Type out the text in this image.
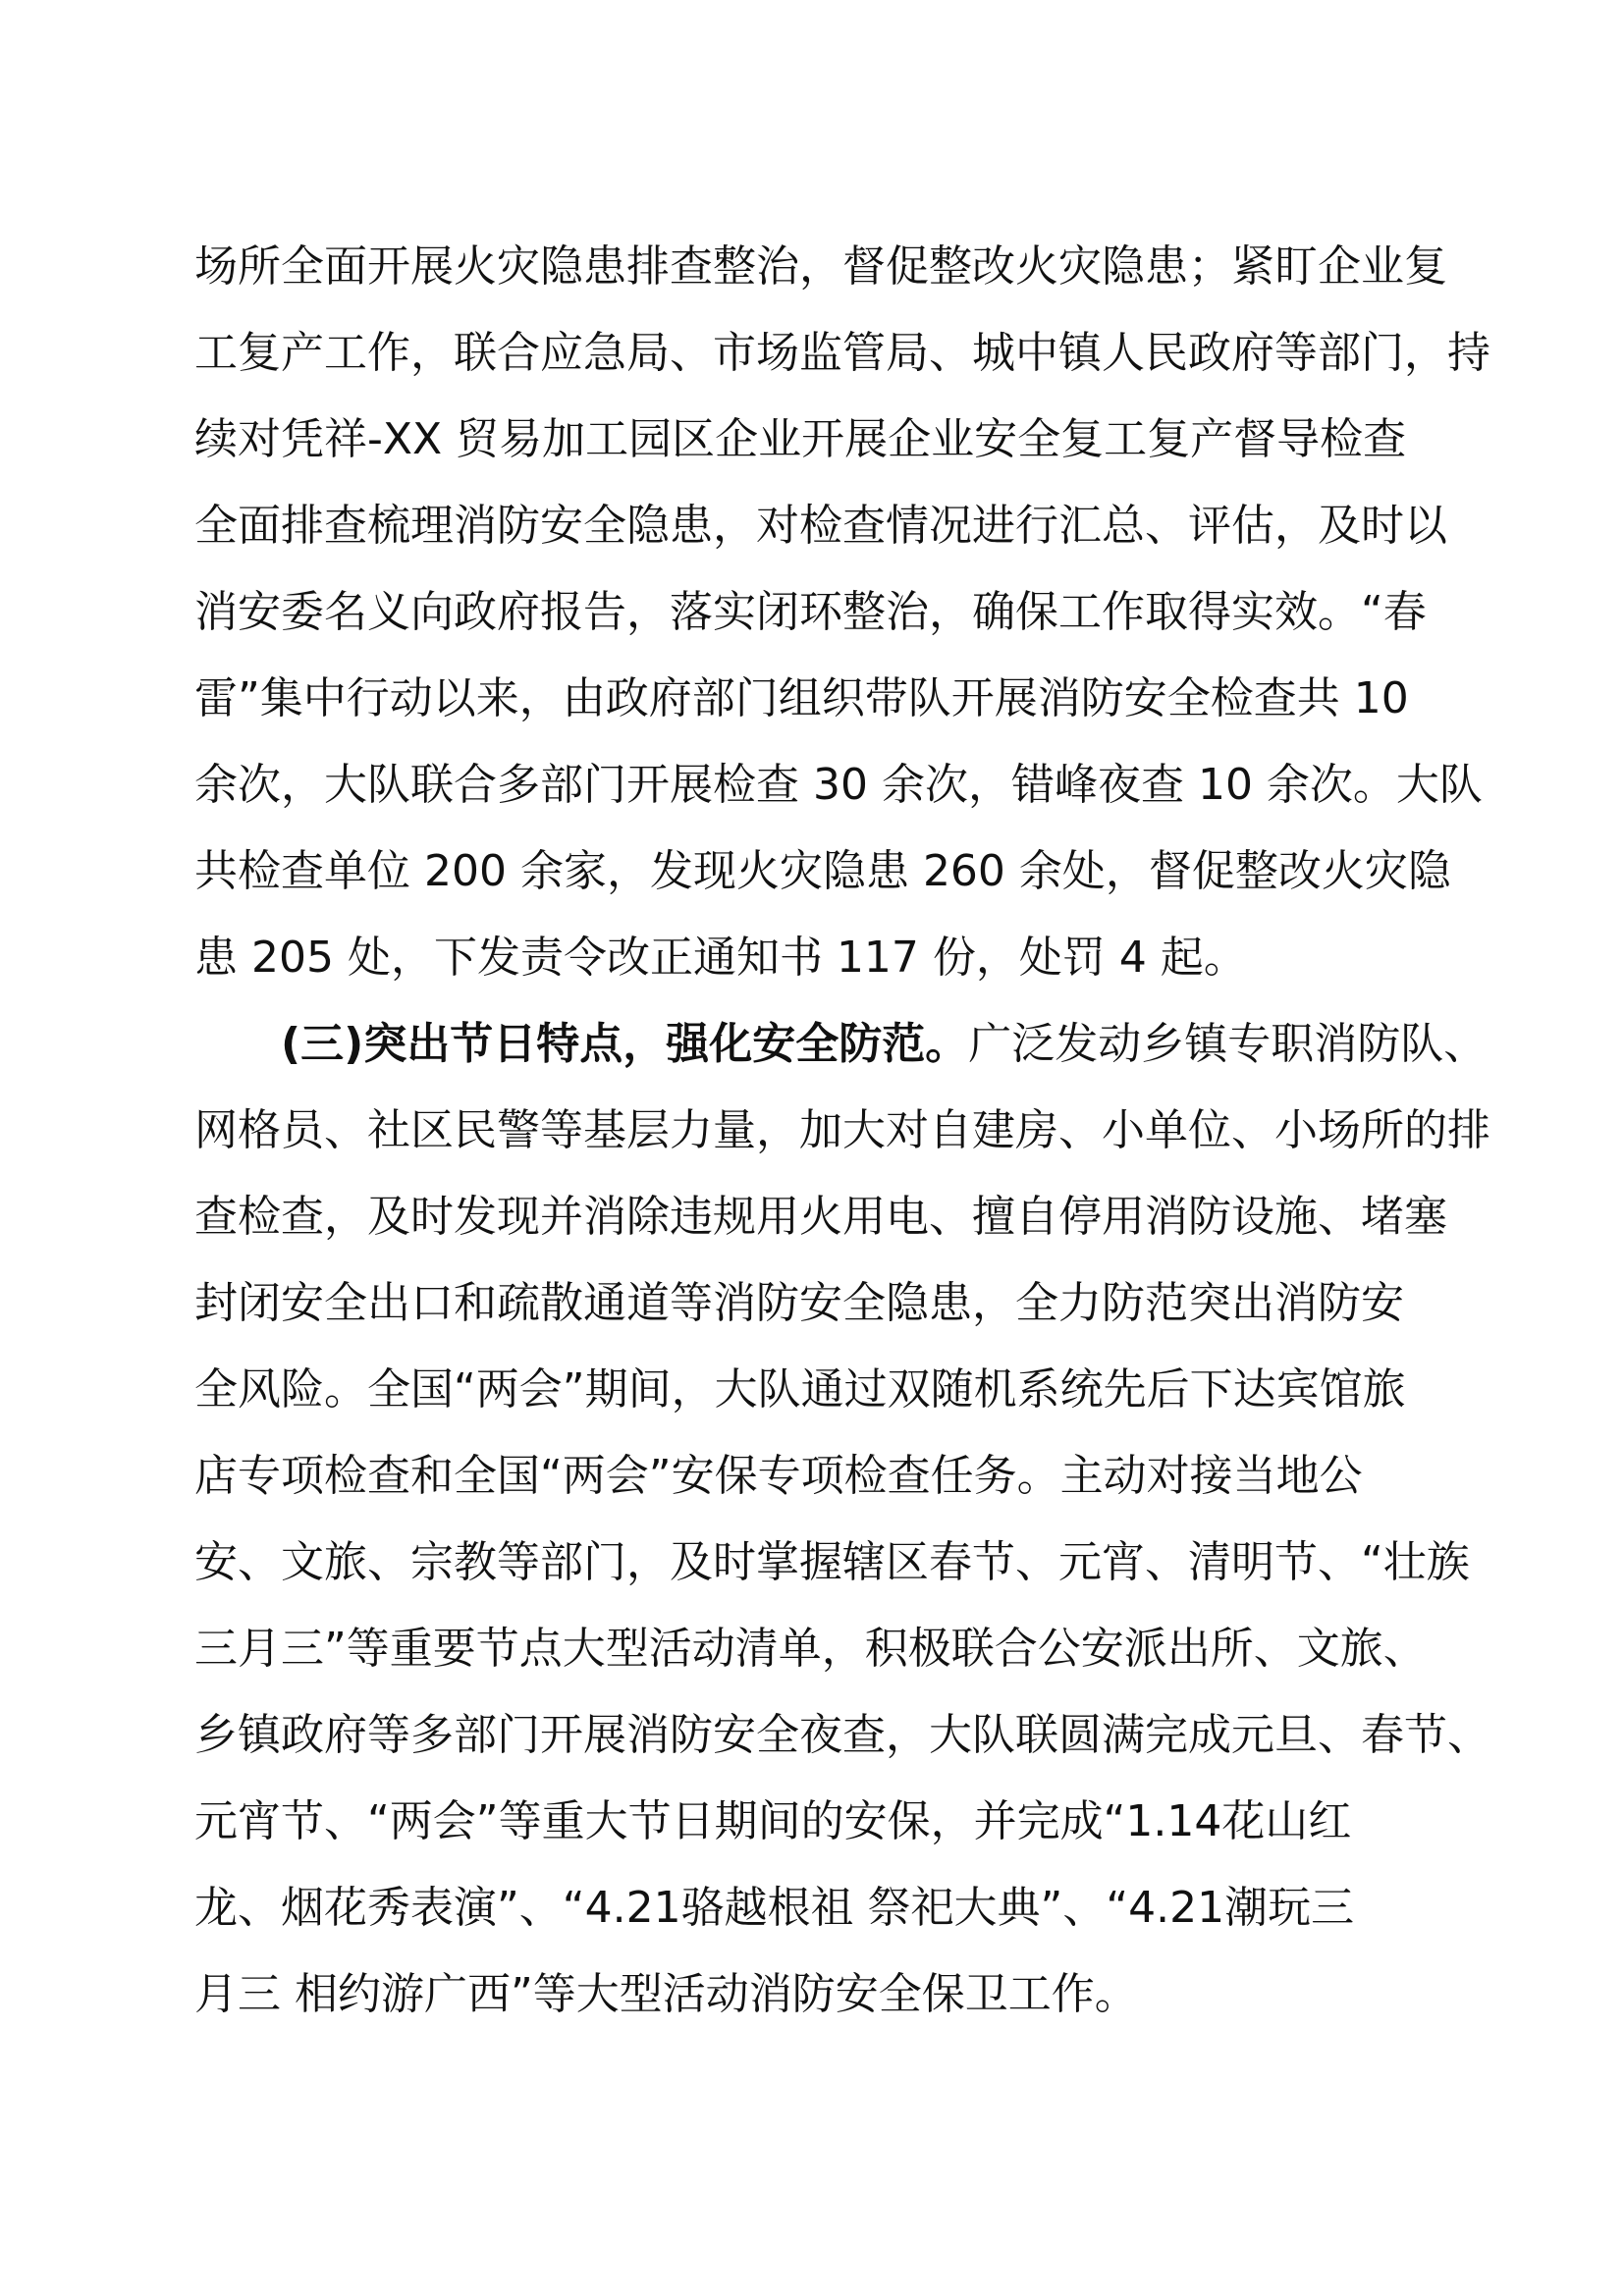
场所全面开展火灾隐患排查整治，督促整改火灾隐患；紧盯企业复
工复产工作，联合应急局、市场监管局、城中镇人民政府等部门，持
续对凭祥-XX 贸易加工园区企业开展企业安全复工复产督导检查
全面排查梳理消防安全隐患，对检查情况进行汇总、评估，及时以
消安委名义向政府报告，落实闭环整治，确保工作取得实效。“春
雷”集中行动以来，由政府部门组织带队开展消防安全检查共 10
余次，大队联合多部门开展检查 30 余次，错峰夜查 10 余次。大队
共检查单位 200 余家，发现火灾隐患 260 余处，督促整改火灾隐
患 205 处，下发责令改正通知书 117 份，处罚 4 起。
(三)突出节日特点，强化安全防范。广泛发动乡镇专职消防队、
网格员、社区民警等基层力量，加大对自建房、小单位、小场所的排
查检查，及时发现并消除违规用火用电、擅自停用消防设施、堵塞
封闭安全出口和疏散通道等消防安全隐患，全力防范突出消防安
全风险。全国“两会”期间，大队通过双随机系统先后下达宾馆旅
店专项检查和全国“两会”安保专项检查任务。主动对接当地公
安、文旅、宗教等部门，及时掌握辖区春节、元宵、清明节、“壮族
三月三”等重要节点大型活动清单，积极联合公安派出所、文旅、
乡镇政府等多部门开展消防安全夜查，大队联圆满完成元旦、春节、
元宵节、“两会”等重大节日期间的安保，并完成“1.14花山红
龙、烟花秀表演”、“4.21骆越根祖 祭祀大典”、“4.21潮玩三
月三 相约游广西”等大型活动消防安全保卫工作。
